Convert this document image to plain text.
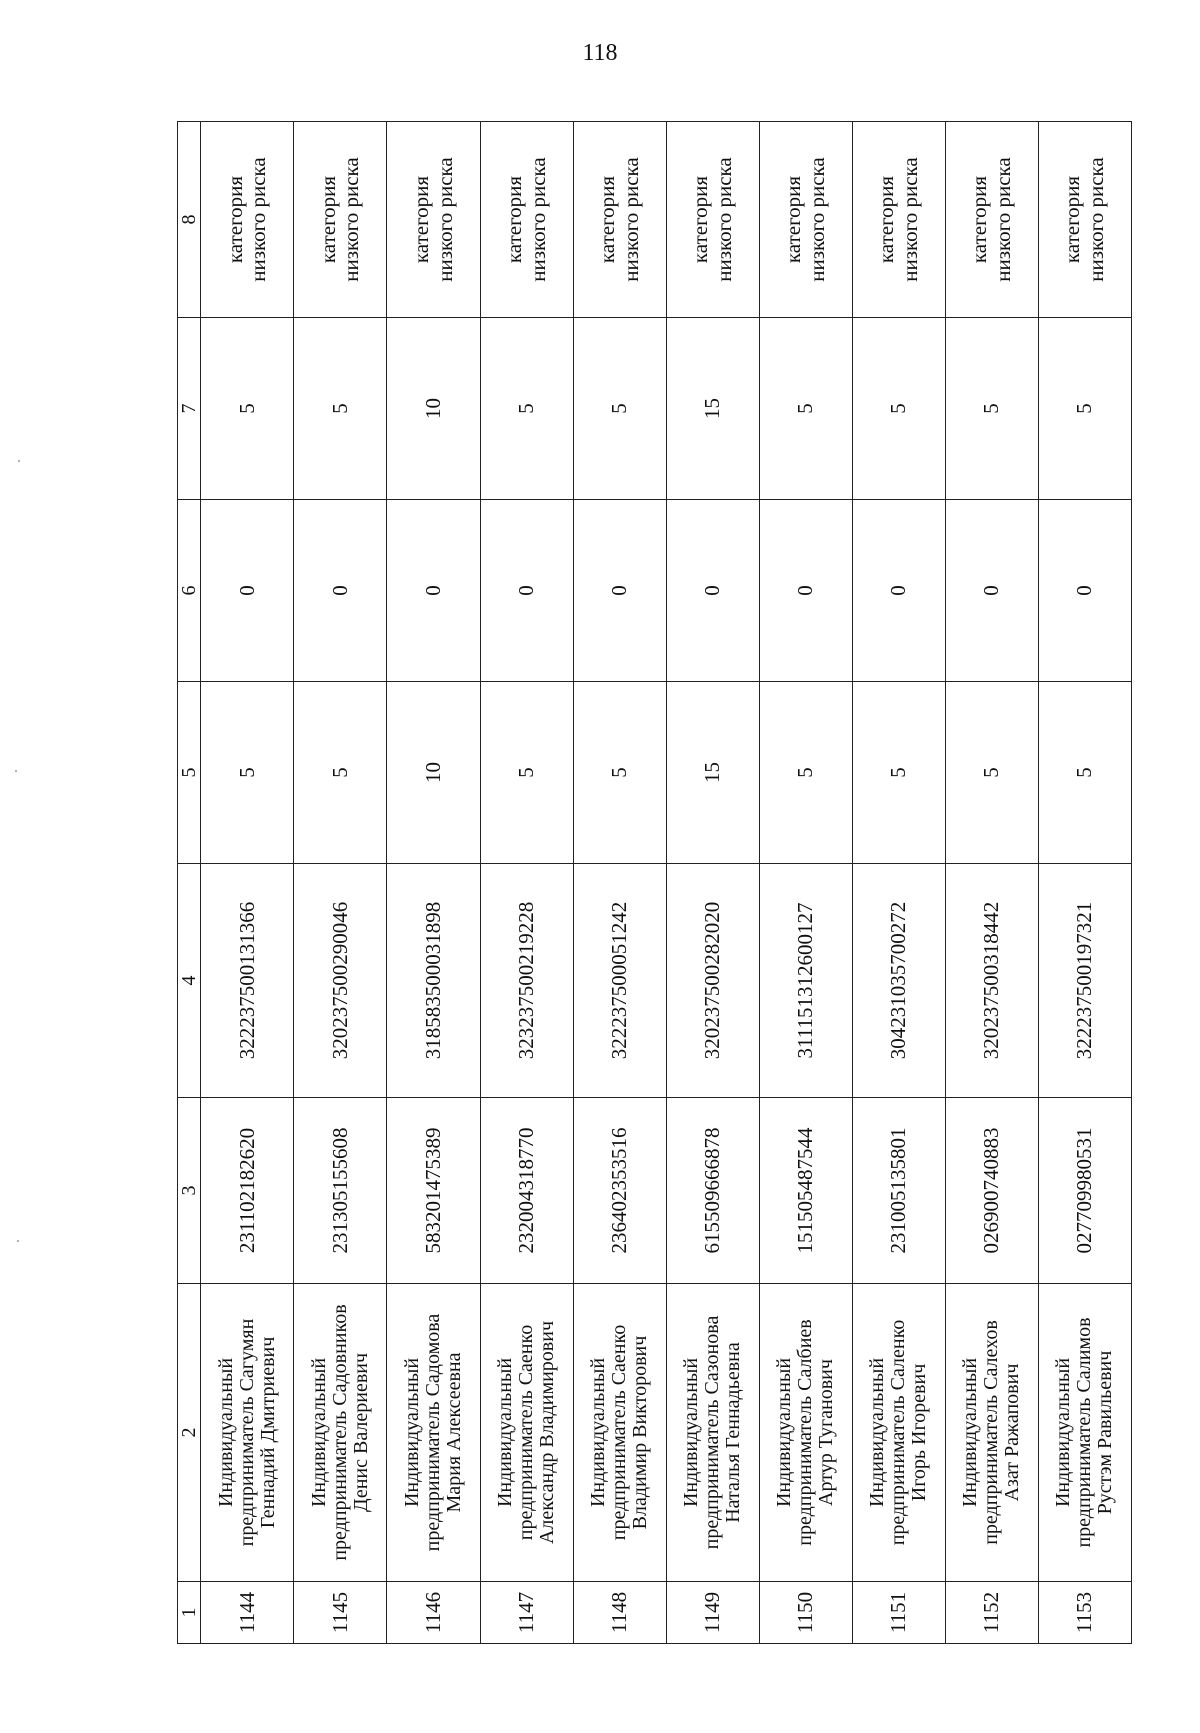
118
1	2	3	4	5	6	7	8
1144	Индивидуальный
предприниматель Сагумян
Геннадий Дмитриевич	231102182620	322237500131366	5	0	5	категория
низкого риска
1145	Индивидуальный
предприниматель Садовников
Денис Валериевич	231305155608	320237500290046	5	0	5	категория
низкого риска
1146	Индивидуальный
предприниматель Садомова
Мария Алексеевна	583201475389	318583500031898	10	0	10	категория
низкого риска
1147	Индивидуальный
предприниматель Саенко
Александр Владимирович	232004318770	323237500219228	5	0	5	категория
низкого риска
1148	Индивидуальный
предприниматель Саенко
Владимир Викторович	236402353516	322237500051242	5	0	5	категория
низкого риска
1149	Индивидуальный
предприниматель Сазонова
Наталья Геннадьевна	615509666878	320237500282020	15	0	15	категория
низкого риска
1150	Индивидуальный
предприниматель Салбиев
Артур Туганович	151505487544	311151312600127	5	0	5	категория
низкого риска
1151	Индивидуальный
предприниматель Саленко
Игорь Игоревич	231005135801	304231035700272	5	0	5	категория
низкого риска
1152	Индивидуальный
предприниматель Салехов
Азат Ражапович	026900740883	320237500318442	5	0	5	категория
низкого риска
1153	Индивидуальный
предприниматель Салимов
Рустэм Равильевич	027709980531	322237500197321	5	0	5	категория
низкого риска
